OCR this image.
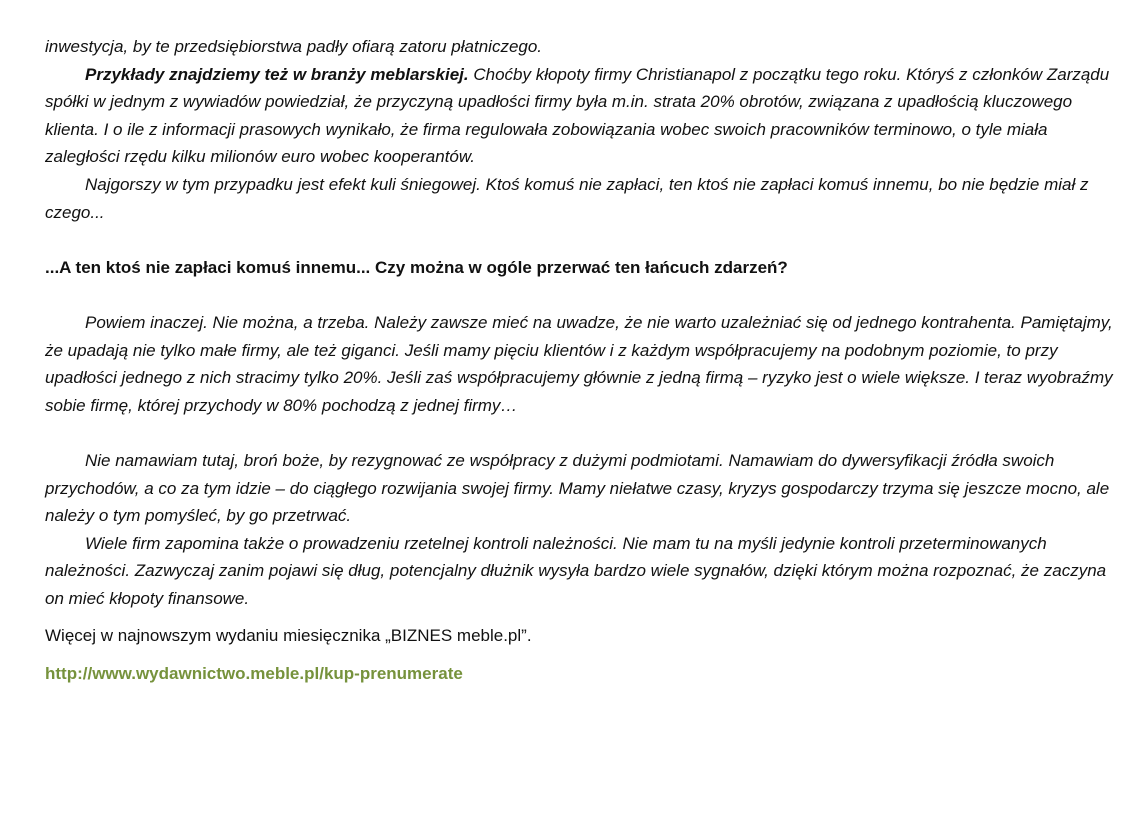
inwestycja, by te przedsiębiorstwa padły ofiarą zatoru płatniczego.

Przykłady znajdziemy też w branży meblarskiej. Choćby kłopoty firmy Christianapol z początku tego roku. Któryś z członków Zarządu spółki w jednym z wywiadów powiedział, że przyczyną upadłości firmy była m.in. strata 20% obrotów, związana z upadłością kluczowego klienta. I o ile z informacji prasowych wynikało, że firma regulowała zobowiązania wobec swoich pracowników terminowo, o tyle miała zaległości rzędu kilku milionów euro wobec kooperantów.

Najgorszy w tym przypadku jest efekt kuli śniegowej. Ktoś komuś nie zapłaci, ten ktoś nie zapłaci komuś innemu, bo nie będzie miał z czego...

...A ten ktoś nie zapłaci komuś innemu... Czy można w ogóle przerwać ten łańcuch zdarzeń?

Powiem inaczej. Nie można, a trzeba. Należy zawsze mieć na uwadze, że nie warto uzależniać się od jednego kontrahenta. Pamiętajmy, że upadają nie tylko małe firmy, ale też giganci. Jeśli mamy pięciu klientów i z każdym współpracujemy na podobnym poziomie, to przy upadłości jednego z nich stracimy tylko 20%. Jeśli zaś współpracujemy głównie z jedną firmą – ryzyko jest o wiele większe. I teraz wyobraźmy sobie firmę, której przychody w 80% pochodzą z jednej firmy…

Nie namawiam tutaj, broń boże, by rezygnować ze współpracy z dużymi podmiotami. Namawiam do dywersyfikacji źródła swoich przychodów, a co za tym idzie – do ciągłego rozwijania swojej firmy. Mamy niełatwe czasy, kryzys gospodarczy trzyma się jeszcze mocno, ale należy o tym pomyśleć, by go przetrwać.

Wiele firm zapomina także o prowadzeniu rzetelnej kontroli należności. Nie mam tu na myśli jedynie kontroli przeterminowanych należności. Zazwyczaj zanim pojawi się dług, potencjalny dłużnik wysyła bardzo wiele sygnałów, dzięki którym można rozpoznać, że zaczyna on mieć kłopoty finansowe.

Więcej w najnowszym wydaniu miesięcznika „BIZNES meble.pl”.

http://www.wydawnictwo.meble.pl/kup-prenumerate
